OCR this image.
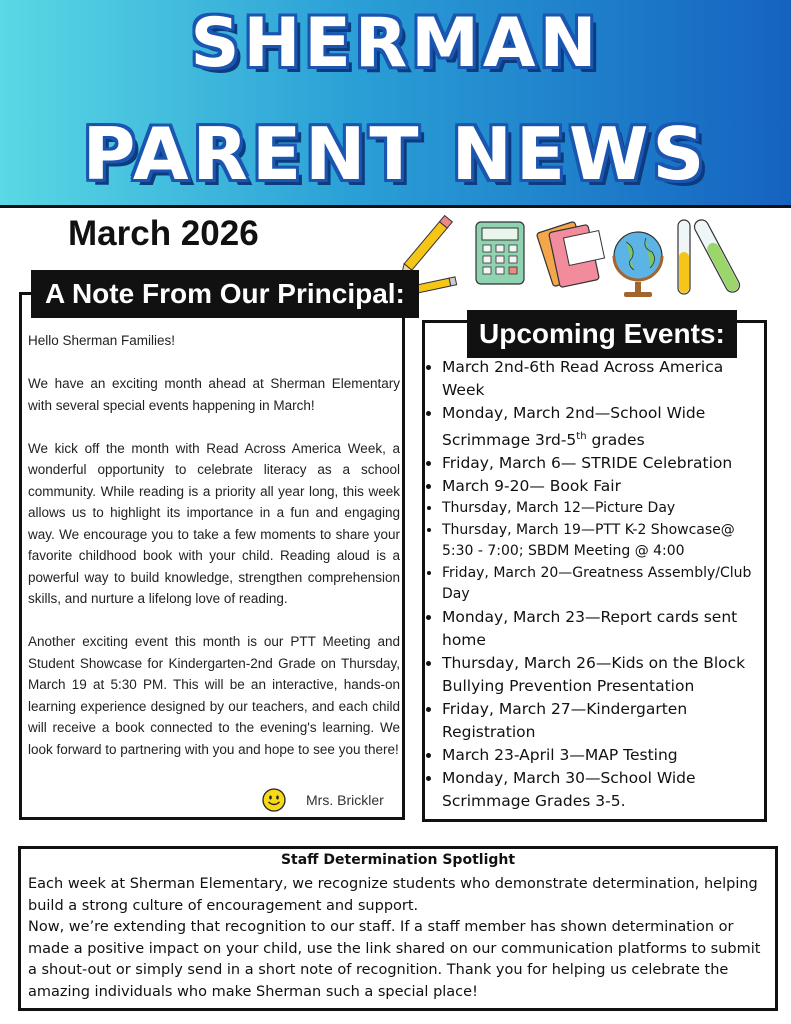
SHERMAN
PARENT NEWS
March 2026
A Note From Our Principal:

Hello Sherman Families!

We have an exciting month ahead at Sherman Elementary with several special events happening in March!

We kick off the month with Read Across America Week, a wonderful opportunity to celebrate literacy as a school community. While reading is a priority all year long, this week allows us to highlight its importance in a fun and engaging way. We encourage you to take a few moments to share your favorite childhood book with your child. Reading aloud is a powerful way to build knowledge, strengthen comprehension skills, and nurture a lifelong love of reading.

Another exciting event this month is our PTT Meeting and Student Showcase for Kindergarten-2nd Grade on Thursday, March 19 at 5:30 PM. This will be an interactive, hands-on learning experience designed by our teachers, and each child will receive a book connected to the evening's learning. We look forward to partnering with you and hope to see you there!

Mrs. Brickler
Upcoming Events:
• March 2nd-6th Read Across America Week
• Monday, March 2nd—School Wide Scrimmage 3rd-5th grades
• Friday, March 6— STRIDE Celebration
• March 9-20— Book Fair
• Thursday, March 12—Picture Day
• Thursday, March 19—PTT K-2 Showcase@ 5:30 - 7:00; SBDM Meeting @ 4:00
• Friday, March 20—Greatness Assembly/Club Day
• Monday, March 23—Report cards sent home
• Thursday, March 26—Kids on the Block Bullying Prevention Presentation
• Friday, March 27—Kindergarten Registration
• March 23-April 3—MAP Testing
• Monday, March 30—School Wide Scrimmage Grades 3-5.
Staff Determination Spotlight

Each week at Sherman Elementary, we recognize students who demonstrate determination, helping build a strong culture of encouragement and support.

Now, we’re extending that recognition to our staff. If a staff member has shown determination or made a positive impact on your child, use the link shared on our communication platforms to submit a shout-out or simply send in a short note of recognition. Thank you for helping us celebrate the amazing individuals who make Sherman such a special place!
